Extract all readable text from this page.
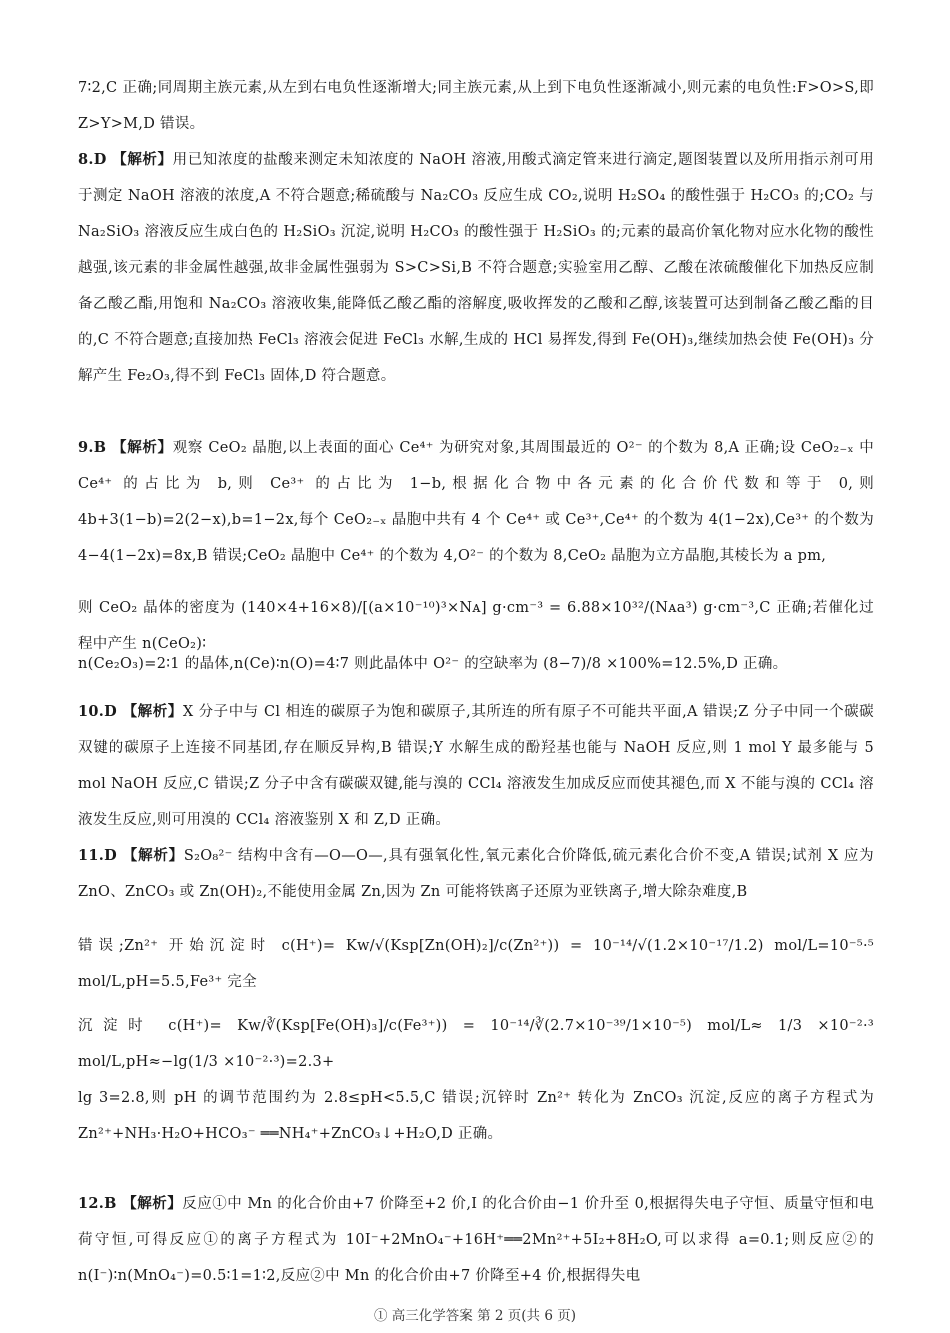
7∶2,C 正确;同周期主族元素,从左到右电负性逐渐增大;同主族元素,从上到下电负性逐渐减小,则元素的电负性:F>O>S,即 Z>Y>M,D 错误。
8.D 【解析】用已知浓度的盐酸来测定未知浓度的 NaOH 溶液,用酸式滴定管来进行滴定,题图装置以及所用指示剂可用于测定 NaOH 溶液的浓度,A 不符合题意;稀硫酸与 Na₂CO₃ 反应生成 CO₂,说明 H₂SO₄ 的酸性强于 H₂CO₃ 的;CO₂ 与 Na₂SiO₃ 溶液反应生成白色的 H₂SiO₃ 沉淀,说明 H₂CO₃ 的酸性强于 H₂SiO₃ 的;元素的最高价氧化物对应水化物的酸性越强,该元素的非金属性越强,故非金属性强弱为 S>C>Si,B 不符合题意;实验室用乙醇、乙酸在浓硫酸催化下加热反应制备乙酸乙酯,用饱和 Na₂CO₃ 溶液收集,能降低乙酸乙酯的溶解度,吸收挥发的乙酸和乙醇,该装置可达到制备乙酸乙酯的目的,C 不符合题意;直接加热 FeCl₃ 溶液会促进 FeCl₃ 水解,生成的 HCl 易挥发,得到 Fe(OH)₃,继续加热会使 Fe(OH)₃ 分解产生 Fe₂O₃,得不到 FeCl₃ 固体,D 符合题意。
9.B 【解析】观察 CeO₂ 晶胞,以上表面的面心 Ce⁴⁺ 为研究对象,其周围最近的 O²⁻ 的个数为 8,A 正确;设 CeO₂₋ₓ 中 Ce⁴⁺ 的占比为 b,则 Ce³⁺ 的占比为 1−b,根据化合物中各元素的化合价代数和等于 0,则 4b+3(1−b)=2(2−x),b=1−2x,每个 CeO₂₋ₓ 晶胞中共有 4 个 Ce⁴⁺ 或 Ce³⁺,Ce⁴⁺ 的个数为 4(1−2x),Ce³⁺ 的个数为 4−4(1−2x)=8x,B 错误;CeO₂ 晶胞中 Ce⁴⁺ 的个数为 4,O²⁻ 的个数为 8,CeO₂ 晶胞为立方晶胞,其棱长为 a pm,
则 CeO₂ 晶体的密度为 (140×4+16×8)/[(a×10⁻¹⁰)³×Nᴀ] g·cm⁻³ = 6.88×10³²/(Nᴀa³) g·cm⁻³,C 正确;若催化过程中产生 n(CeO₂)∶
n(Ce₂O₃)=2∶1 的晶体,n(Ce)∶n(O)=4∶7 则此晶体中 O²⁻ 的空缺率为 (8−7)/8 ×100%=12.5%,D 正确。
10.D 【解析】X 分子中与 Cl 相连的碳原子为饱和碳原子,其所连的所有原子不可能共平面,A 错误;Z 分子中同一个碳碳双键的碳原子上连接不同基团,存在顺反异构,B 错误;Y 水解生成的酚羟基也能与 NaOH 反应,则 1 mol Y 最多能与 5 mol NaOH 反应,C 错误;Z 分子中含有碳碳双键,能与溴的 CCl₄ 溶液发生加成反应而使其褪色,而 X 不能与溴的 CCl₄ 溶液发生反应,则可用溴的 CCl₄ 溶液鉴别 X 和 Z,D 正确。
11.D 【解析】S₂O₈²⁻ 结构中含有—O—O—,具有强氧化性,氧元素化合价降低,硫元素化合价不变,A 错误;试剂 X 应为 ZnO、ZnCO₃ 或 Zn(OH)₂,不能使用金属 Zn,因为 Zn 可能将铁离子还原为亚铁离子,增大除杂难度,B
错误;Zn²⁺ 开始沉淀时 c(H⁺)= Kw/√(Ksp[Zn(OH)₂]/c(Zn²⁺)) = 10⁻¹⁴/√(1.2×10⁻¹⁷/1.2) mol/L=10⁻⁵·⁵ mol/L,pH=5.5,Fe³⁺ 完全
沉淀时 c(H⁺)= Kw/∛(Ksp[Fe(OH)₃]/c(Fe³⁺)) = 10⁻¹⁴/∛(2.7×10⁻³⁹/1×10⁻⁵) mol/L≈ 1/3 ×10⁻²·³ mol/L,pH≈−lg(1/3 ×10⁻²·³)=2.3+
lg 3=2.8,则 pH 的调节范围约为 2.8≤pH<5.5,C 错误;沉锌时 Zn²⁺ 转化为 ZnCO₃ 沉淀,反应的离子方程式为 Zn²⁺+NH₃·H₂O+HCO₃⁻ ══NH₄⁺+ZnCO₃↓+H₂O,D 正确。
12.B 【解析】反应①中 Mn 的化合价由+7 价降至+2 价,I 的化合价由−1 价升至 0,根据得失电子守恒、质量守恒和电荷守恒,可得反应①的离子方程式为 10I⁻+2MnO₄⁻+16H⁺══2Mn²⁺+5I₂+8H₂O,可以求得 a=0.1;则反应②的 n(I⁻)∶n(MnO₄⁻)=0.5∶1=1∶2,反应②中 Mn 的化合价由+7 价降至+4 价,根据得失电
① 高三化学答案 第 2 页(共 6 页)
